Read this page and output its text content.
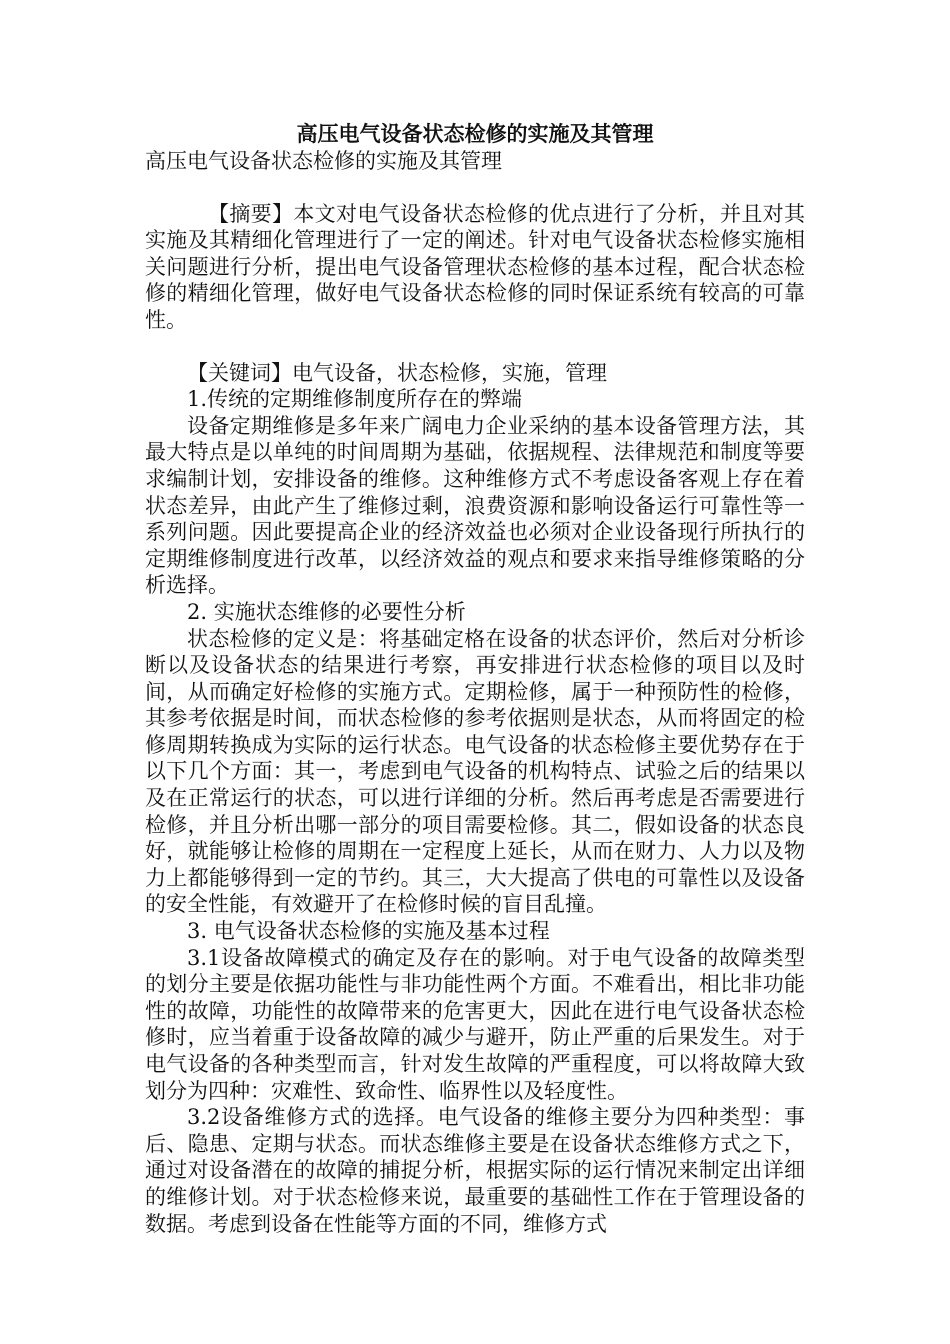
高压电气设备状态检修的实施及其管理

高压电气设备状态检修的实施及其管理

【摘要】本文对电气设备状态检修的优点进行了分析，并且对其实施及其精细化管理进行了一定的阐述。针对电气设备状态检修实施相关问题进行分析，提出电气设备管理状态检修的基本过程，配合状态检修的精细化管理，做好电气设备状态检修的同时保证系统有较高的可靠性。

【关键词】电气设备，状态检修，实施，管理

1.传统的定期维修制度所存在的弊端

设备定期维修是多年来广阔电力企业采纳的基本设备管理方法，其最大特点是以单纯的时间周期为基础，依据规程、法律规范和制度等要求编制计划，安排设备的维修。这种维修方式不考虑设备客观上存在着状态差异，由此产生了维修过剩，浪费资源和影响设备运行可靠性等一系列问题。因此要提高企业的经济效益也必须对企业设备现行所执行的定期维修制度进行改革，以经济效益的观点和要求来指导维修策略的分析选择。

2. 实施状态维修的必要性分析

状态检修的定义是：将基础定格在设备的状态评价，然后对分析诊断以及设备状态的结果进行考察，再安排进行状态检修的项目以及时间，从而确定好检修的实施方式。定期检修，属于一种预防性的检修，其参考依据是时间，而状态检修的参考依据则是状态，从而将固定的检修周期转换成为实际的运行状态。电气设备的状态检修主要优势存在于以下几个方面：其一，考虑到电气设备的机构特点、试验之后的结果以及在正常运行的状态，可以进行详细的分析。然后再考虑是否需要进行检修，并且分析出哪一部分的项目需要检修。其二，假如设备的状态良好，就能够让检修的周期在一定程度上延长，从而在财力、人力以及物力上都能够得到一定的节约。其三，大大提高了供电的可靠性以及设备的安全性能，有效避开了在检修时候的盲目乱撞。

3. 电气设备状态检修的实施及基本过程

3.1设备故障模式的确定及存在的影响。对于电气设备的故障类型的划分主要是依据功能性与非功能性两个方面。不难看出，相比非功能性的故障，功能性的故障带来的危害更大，因此在进行电气设备状态检修时，应当着重于设备故障的减少与避开，防止严重的后果发生。对于电气设备的各种类型而言，针对发生故障的严重程度，可以将故障大致划分为四种：灾难性、致命性、临界性以及轻度性。

3.2设备维修方式的选择。电气设备的维修主要分为四种类型：事后、隐患、定期与状态。而状态维修主要是在设备状态维修方式之下，通过对设备潜在的故障的捕捉分析，根据实际的运行情况来制定出详细的维修计划。对于状态检修来说，最重要的基础性工作在于管理设备的数据。考虑到设备在性能等方面的不同，维修方式
